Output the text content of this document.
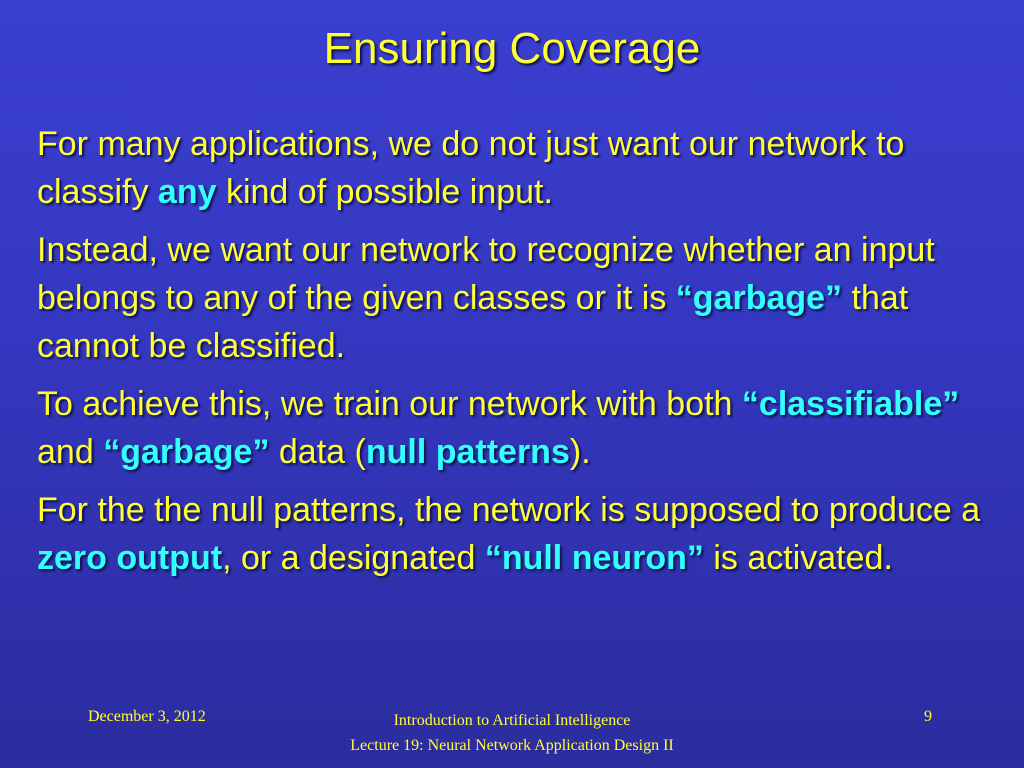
Ensuring Coverage

For many applications, we do not just want our network to classify any kind of possible input.

Instead, we want our network to recognize whether an input belongs to any of the given classes or it is “garbage” that cannot be classified.

To achieve this, we train our network with both “classifiable” and “garbage” data (null patterns).

For the the null patterns, the network is supposed to produce a zero output, or a designated “null neuron” is activated.

December 3, 2012	Introduction to Artificial Intelligence
Lecture 19: Neural Network Application Design II
9
